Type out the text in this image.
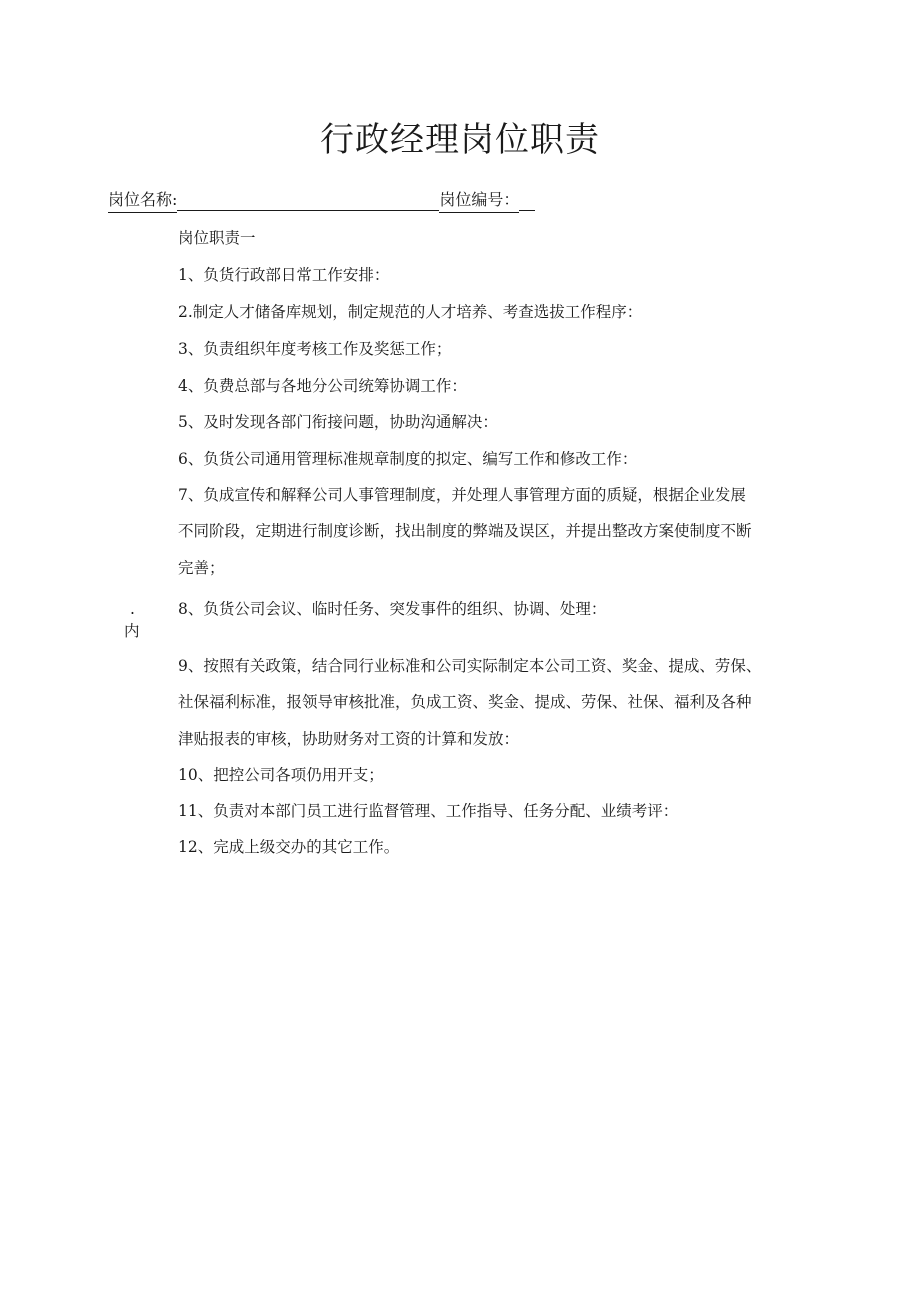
行政经理岗位职责
岗位名称:	岗位编号：
岗位职责一
1、负货行政部日常工作安排：
2.制定人才储备库规划，制定规范的人才培养、考查选拔工作程序：
3、负责组织年度考核工作及奖惩工作；
4、负费总部与各地分公司统筹协调工作：
5、及时发现各部门衔接问题，协助沟通解决：
6、负货公司通用管理标准规章制度的拟定、编写工作和修改工作：
7、负成宣传和解释公司人事管理制度，并处理人事管理方面的质疑，根据企业发展
不同阶段，定期进行制度诊断，找出制度的弊端及误区，并提出整改方案使制度不断
完善；
.
内
8、负货公司会议、临时任务、突发事件的组织、协调、处理：
9、按照有关政策，结合同行业标准和公司实际制定本公司工资、奖金、提成、劳保、
社保福利标准，报领导审核批准，负成工资、奖金、提成、劳保、社保、福利及各种
津贴报表的审核，协助财务对工资的计算和发放：
10、把控公司各项仍用开支；
11、负责对本部门员工进行监督管理、工作指导、任务分配、业绩考评：
12、完成上级交办的其它工作。
